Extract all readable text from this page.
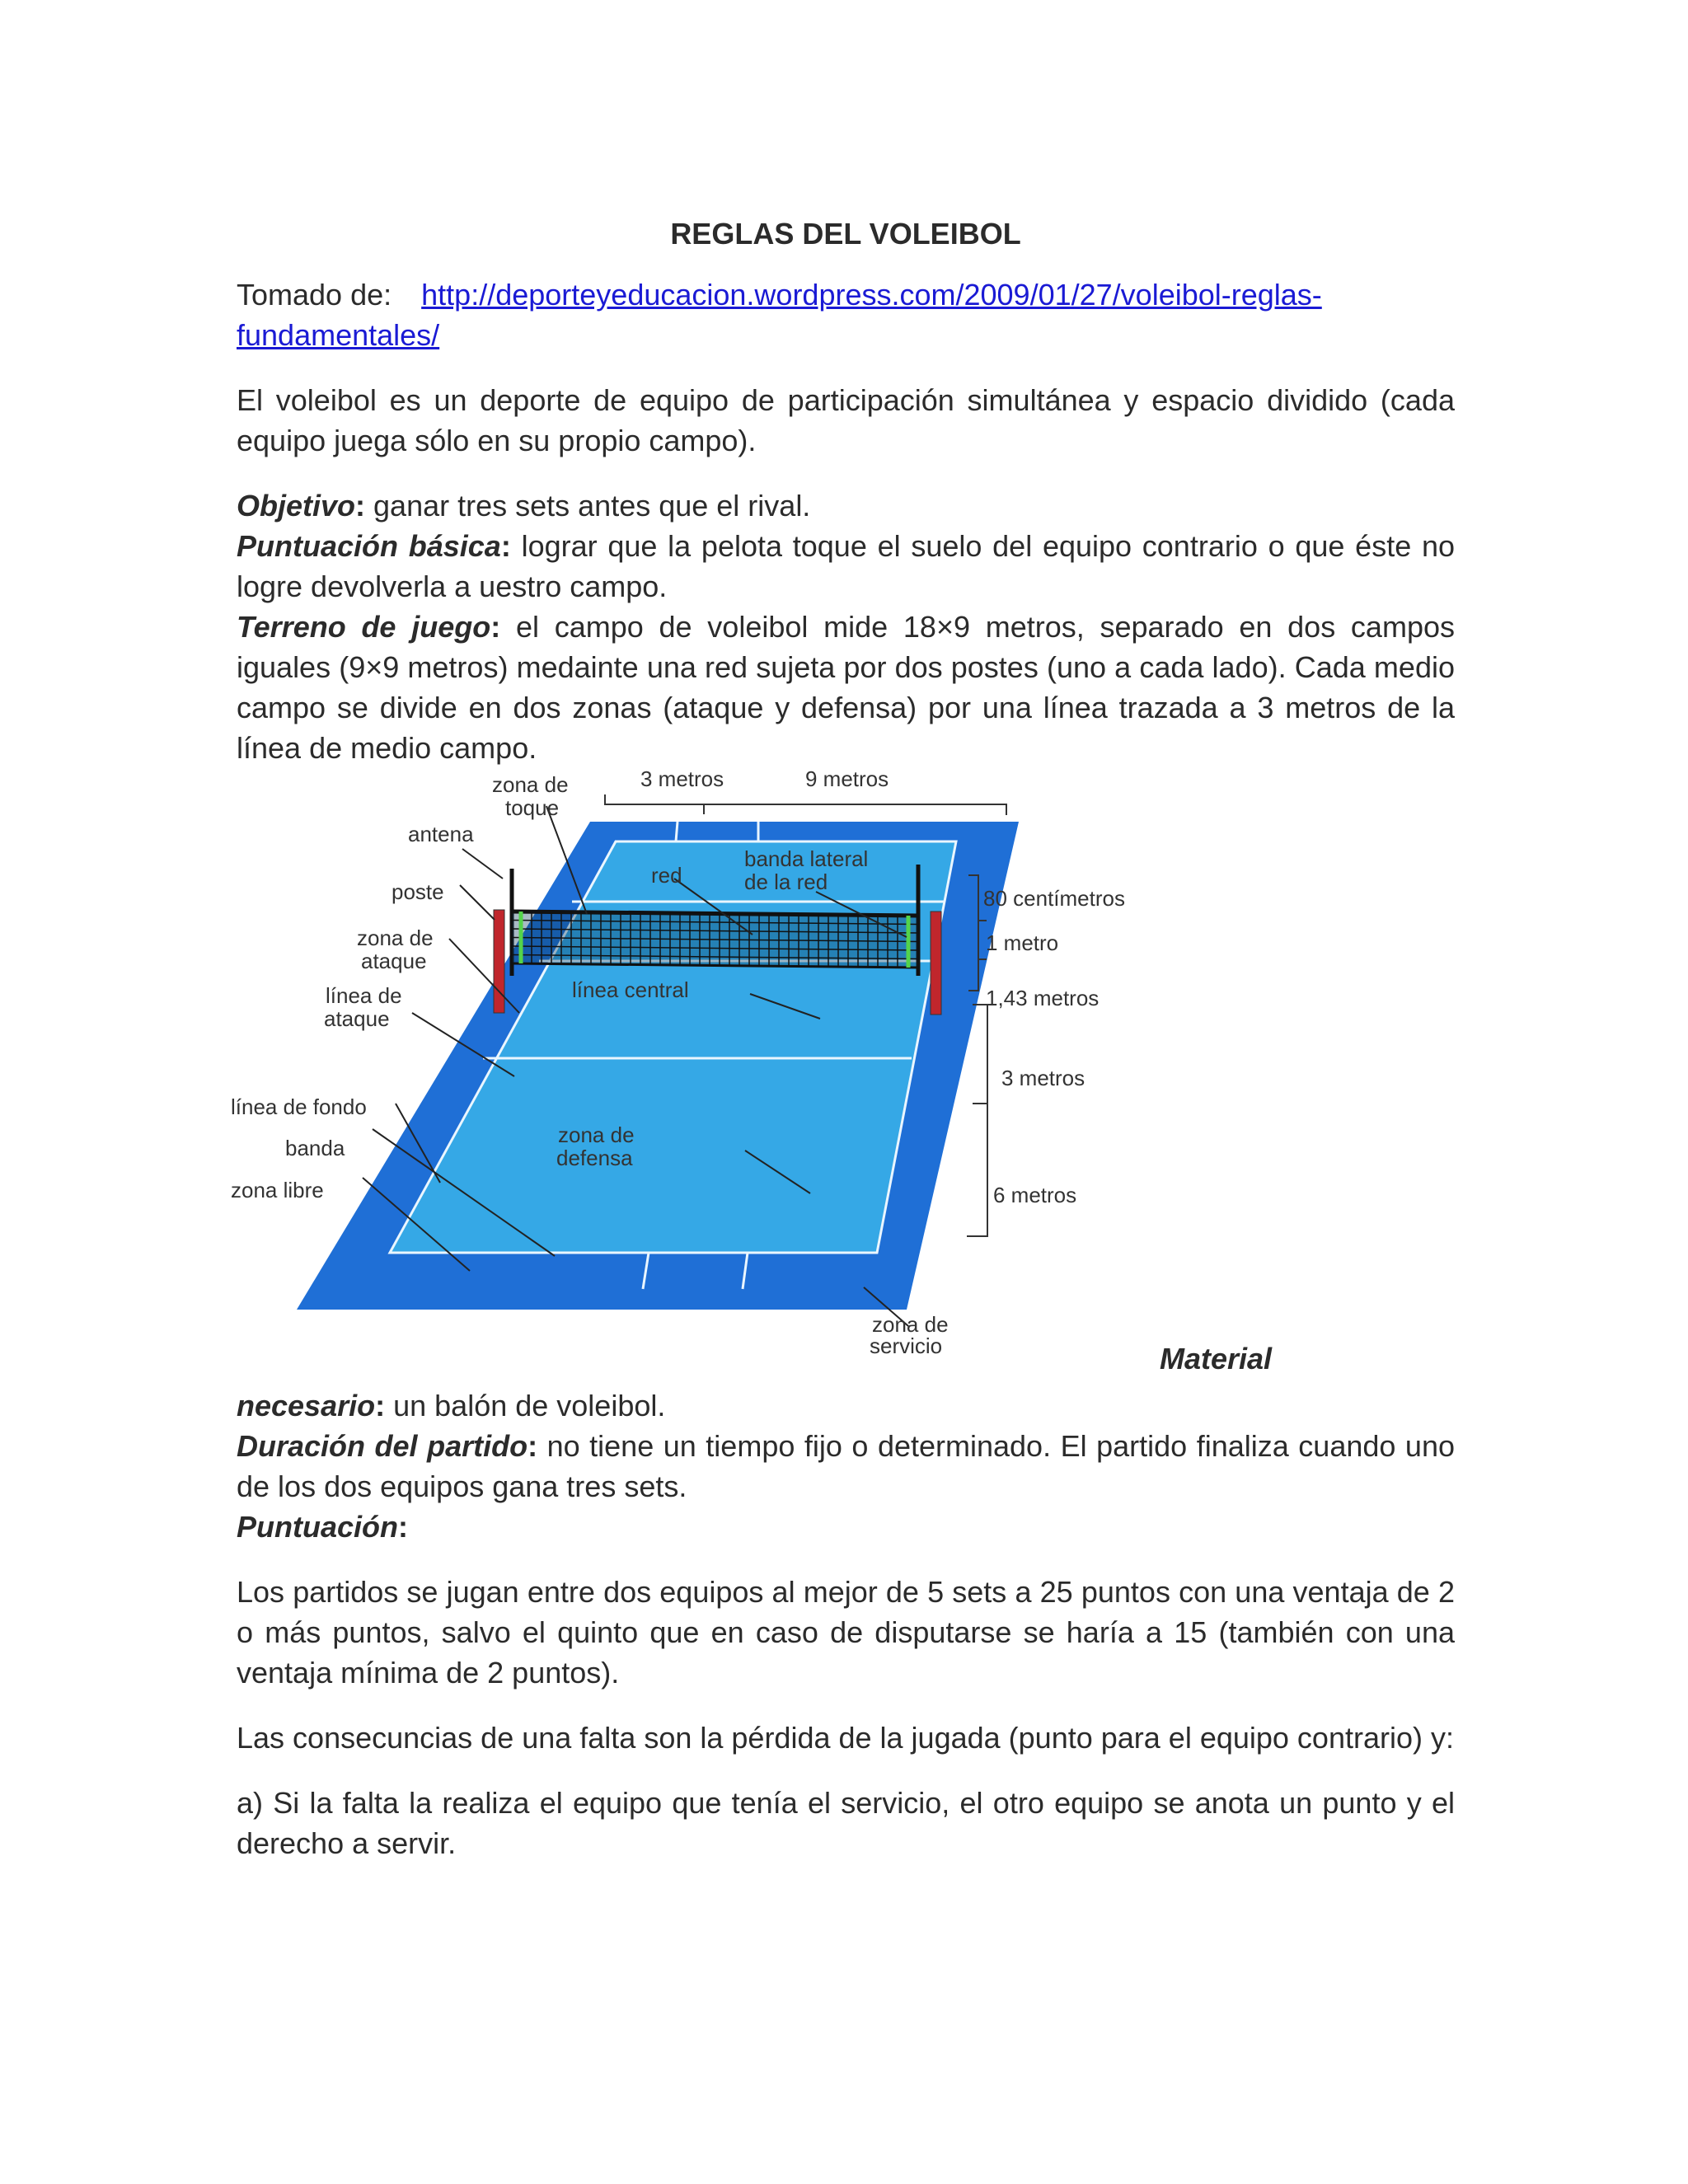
REGLAS DEL VOLEIBOL

Tomado de: http://deporteyeducacion.wordpress.com/2009/01/27/voleibol-reglas-
fundamentales/

El voleibol es un deporte de equipo de participación simultánea y espacio dividido (cada equipo juega sólo en su propio campo).

Objetivo: ganar tres sets antes que el rival.

Puntuación básica: lograr que la pelota toque el suelo del equipo contrario o que éste no logre devolverla a uestro campo.

Terreno de juego: el campo de voleibol mide 18×9 metros, separado en dos campos iguales (9×9 metros) medainte una red sujeta por dos postes (uno a cada lado). Cada medio campo se divide en dos zonas (ataque y defensa) por una línea trazada a 3 metros de la línea de medio campo.

zona de
toque
antena
poste
zona de
ataque
línea de
ataque
línea de fondo
banda
zona libre
3 metros	9 metros
red
banda lateral
de la red
línea central
zona de
defensa
80 centímetros
1 metro
1,43 metros
3 metros
6 metros
zona de
servicio	Material

necesario: un balón de voleibol.

Duración del partido: no tiene un tiempo fijo o determinado. El partido finaliza cuando uno de los dos equipos gana tres sets.

Puntuación:

Los partidos se jugan entre dos equipos al mejor de 5 sets a 25 puntos con una ventaja de 2 o más puntos, salvo el quinto que en caso de disputarse se haría a 15 (también con una ventaja mínima de 2 puntos).

Las consecuncias de una falta son la pérdida de la jugada (punto para el equipo contrario) y:

a) Si la falta la realiza el equipo que tenía el servicio, el otro equipo se anota un punto y el derecho a servir.
